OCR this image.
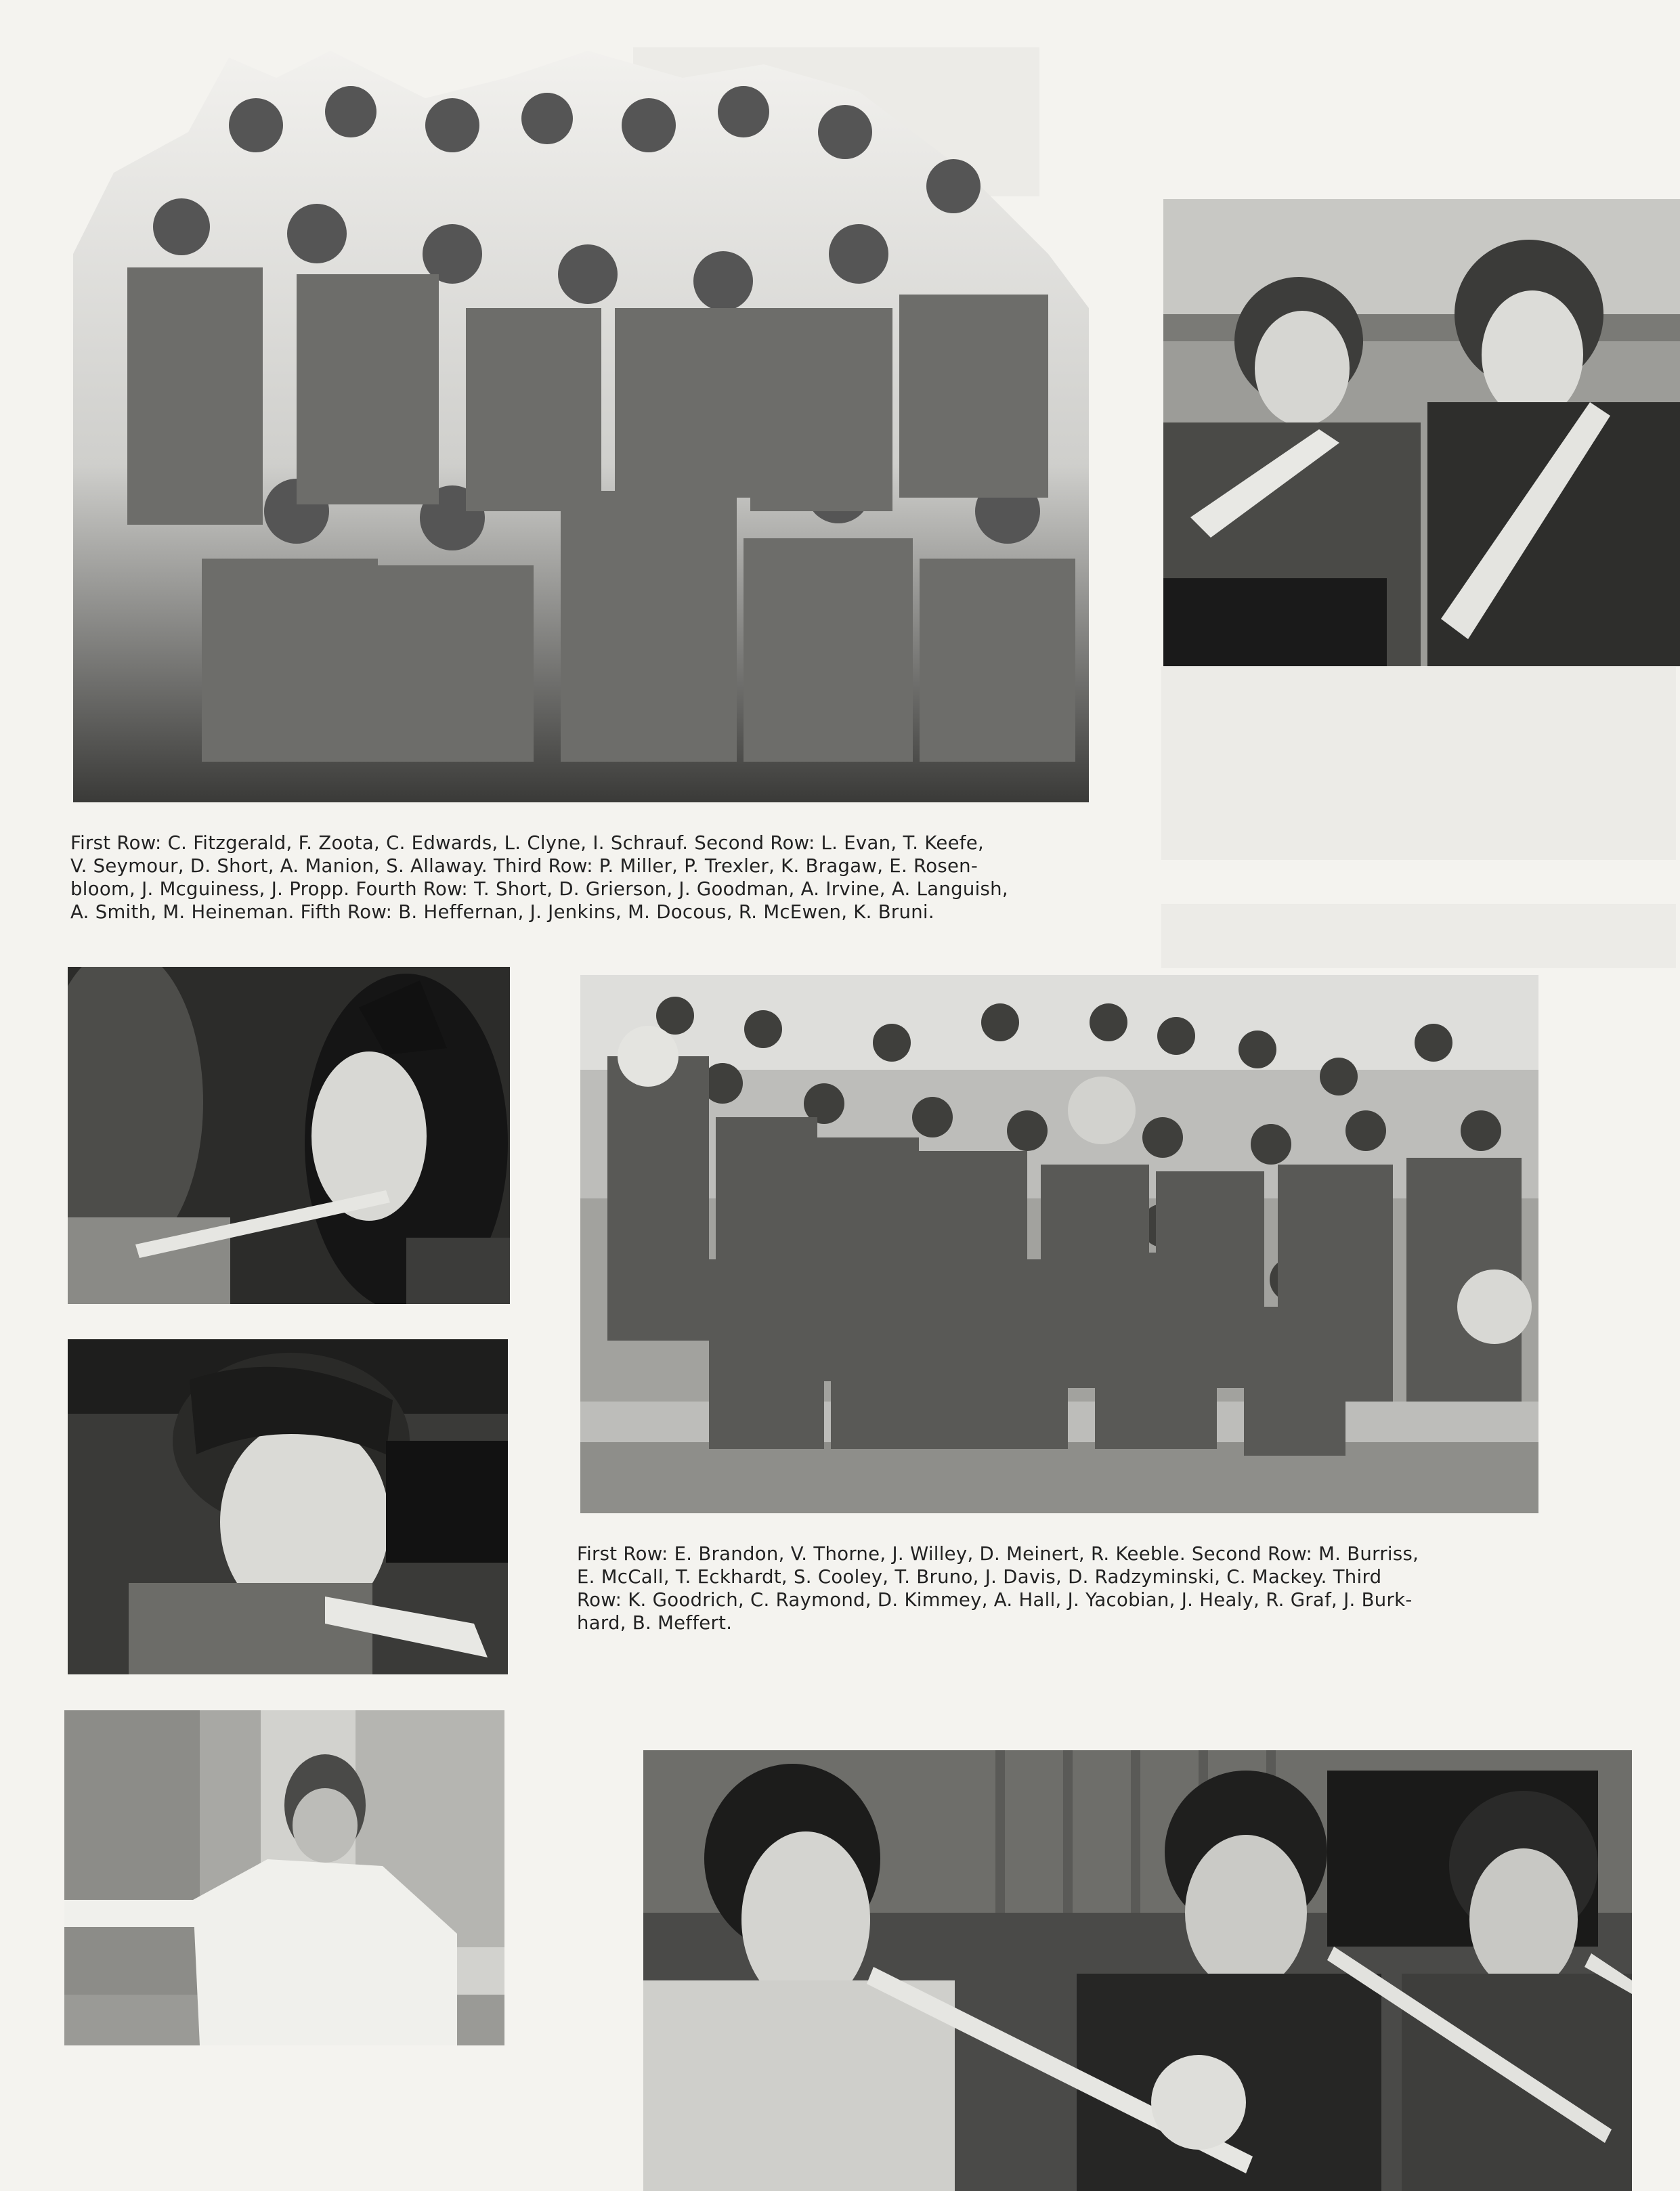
First Row: C. Fitzgerald, F. Zoota, C. Edwards, L. Clyne, I. Schrauf. Second Row: L. Evan, T. Keefe,
V. Seymour, D. Short, A. Manion, S. Allaway. Third Row: P. Miller, P. Trexler, K. Bragaw, E. Rosen-
bloom, J. Mcguiness, J. Propp. Fourth Row: T. Short, D. Grierson, J. Goodman, A. Irvine, A. Languish,
A. Smith, M. Heineman. Fifth Row: B. Heffernan, J. Jenkins, M. Docous, R. McEwen, K. Bruni.

First Row: E. Brandon, V. Thorne, J. Willey, D. Meinert, R. Keeble. Second Row: M. Burriss,
E. McCall, T. Eckhardt, S. Cooley, T. Bruno, J. Davis, D. Radzyminski, C. Mackey. Third
Row: K. Goodrich, C. Raymond, D. Kimmey, A. Hall, J. Yacobian, J. Healy, R. Graf, J. Burk-
hard, B. Meffert.
